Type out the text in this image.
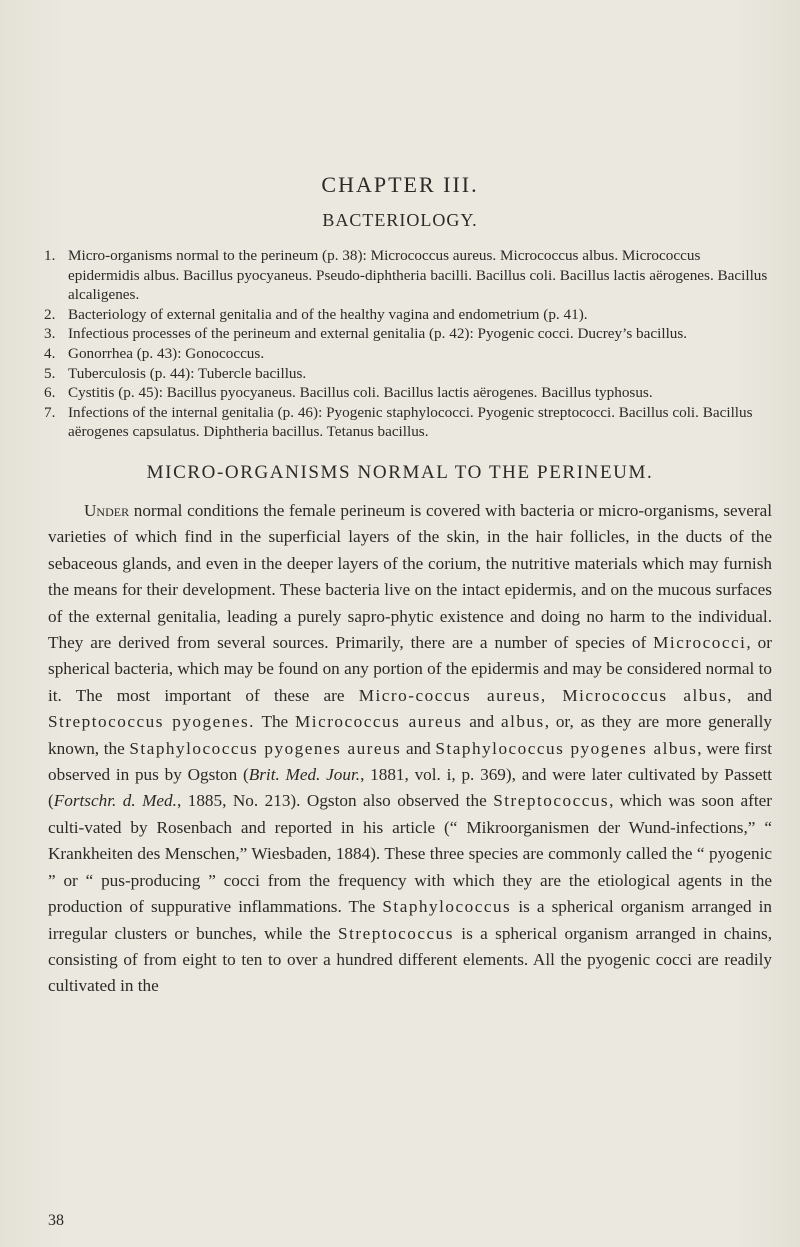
CHAPTER III.
BACTERIOLOGY.
1. Micro-organisms normal to the perineum (p. 38): Micrococcus aureus. Micrococcus albus. Micrococcus epidermidis albus. Bacillus pyocyaneus. Pseudo-diphtheria bacilli. Bacillus coli. Bacillus lactis aërogenes. Bacillus alcaligenes.
2. Bacteriology of external genitalia and of the healthy vagina and endometrium (p. 41).
3. Infectious processes of the perineum and external genitalia (p. 42): Pyogenic cocci. Ducrey’s bacillus.
4. Gonorrhea (p. 43): Gonococcus.
5. Tuberculosis (p. 44): Tubercle bacillus.
6. Cystitis (p. 45): Bacillus pyocyaneus. Bacillus coli. Bacillus lactis aërogenes. Bacillus typhosus.
7. Infections of the internal genitalia (p. 46): Pyogenic staphylococci. Pyogenic streptococci. Bacillus coli. Bacillus aërogenes capsulatus. Diphtheria bacillus. Tetanus bacillus.
MICRO-ORGANISMS NORMAL TO THE PERINEUM.

Under normal conditions the female perineum is covered with bacteria or micro-organisms, several varieties of which find in the superficial layers of the skin, in the hair follicles, in the ducts of the sebaceous glands, and even in the deeper layers of the corium, the nutritive materials which may furnish the means for their development. These bacteria live on the intact epidermis, and on the mucous surfaces of the external genitalia, leading a purely sapro-phytic existence and doing no harm to the individual. They are derived from several sources. Primarily, there are a number of species of Micrococci, or spherical bacteria, which may be found on any portion of the epidermis and may be considered normal to it. The most important of these are Micro-coccus aureus, Micrococcus albus, and Streptococcus pyogenes. The Micrococcus aureus and albus, or, as they are more generally known, the Staphylococcus pyogenes aureus and Staphylococcus pyogenes albus, were first observed in pus by Ogston (Brit. Med. Jour., 1881, vol. i, p. 369), and were later cultivated by Passett (Fortschr. d. Med., 1885, No. 213). Ogston also observed the Streptococcus, which was soon after culti-vated by Rosenbach and reported in his article (“ Mikroorganismen der Wund-infections,” “ Krankheiten des Menschen,” Wiesbaden, 1884). These three species are commonly called the “ pyogenic ” or “ pus-producing ” cocci from the frequency with which they are the etiological agents in the production of suppurative inflammations. The Staphylococcus is a spherical organism arranged in irregular clusters or bunches, while the Streptococcus is a spherical organism arranged in chains, consisting of from eight to ten to over a hundred different elements. All the pyogenic cocci are readily cultivated in the

38
